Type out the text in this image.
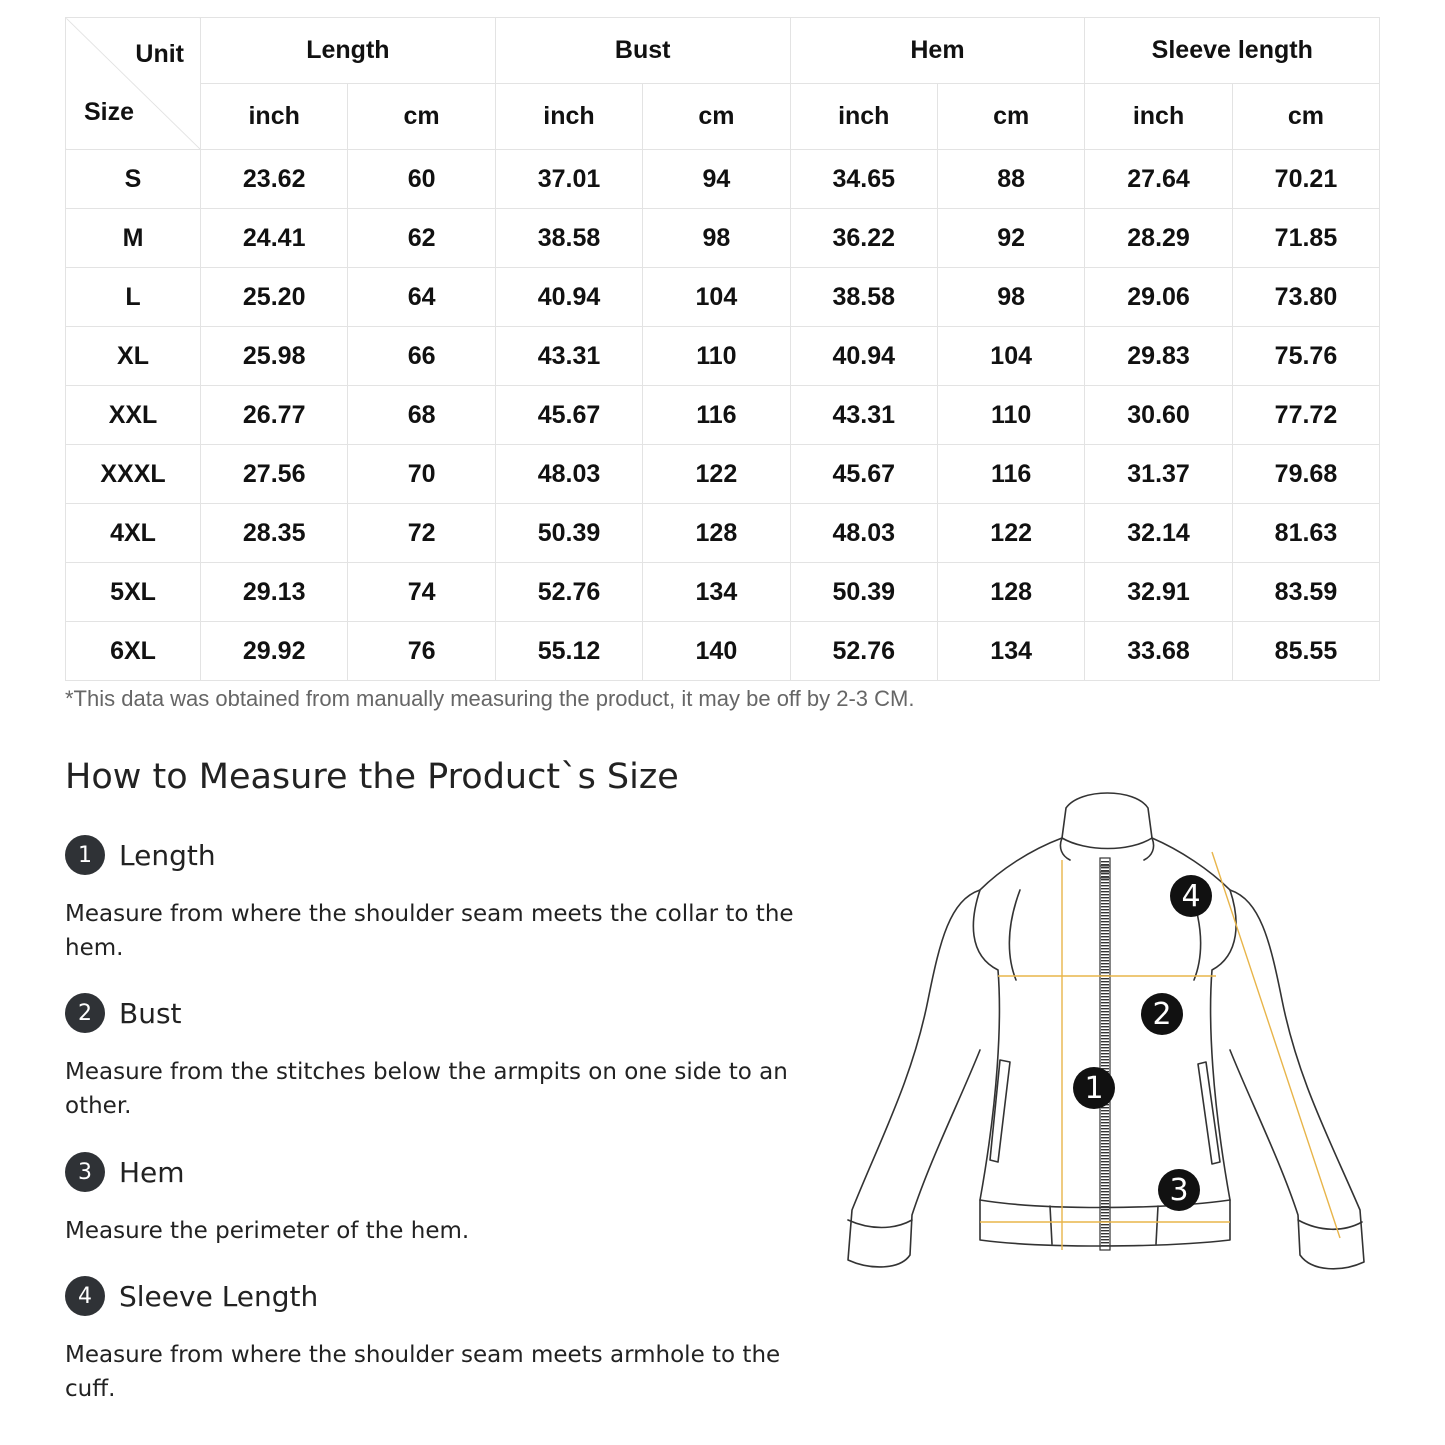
Unit
Size	Length		Bust		Hem		Sleeve length	
	inch	cm	inch	cm	inch	cm	inch	cm
S	23.62	60	37.01	94	34.65	88	27.64	70.21
M	24.41	62	38.58	98	36.22	92	28.29	71.85
L	25.20	64	40.94	104	38.58	98	29.06	73.80
XL	25.98	66	43.31	110	40.94	104	29.83	75.76
XXL	26.77	68	45.67	116	43.31	110	30.60	77.72
XXXL	27.56	70	48.03	122	45.67	116	31.37	79.68
4XL	28.35	72	50.39	128	48.03	122	32.14	81.63
5XL	29.13	74	52.76	134	50.39	128	32.91	83.59
6XL	29.92	76	55.12	140	52.76	134	33.68	85.55
*This data was obtained from manually measuring the product, it may be off by 2-3 CM.
How to Measure the Product`s Size
1 Length
Measure from where the shoulder seam meets the collar to the hem.
2 Bust
Measure from the stitches below the armpits on one side to an other.
3 Hem
Measure the perimeter of the hem.
4 Sleeve Length
Measure from where the shoulder seam meets armhole to the cuff.
1
2
3
4
